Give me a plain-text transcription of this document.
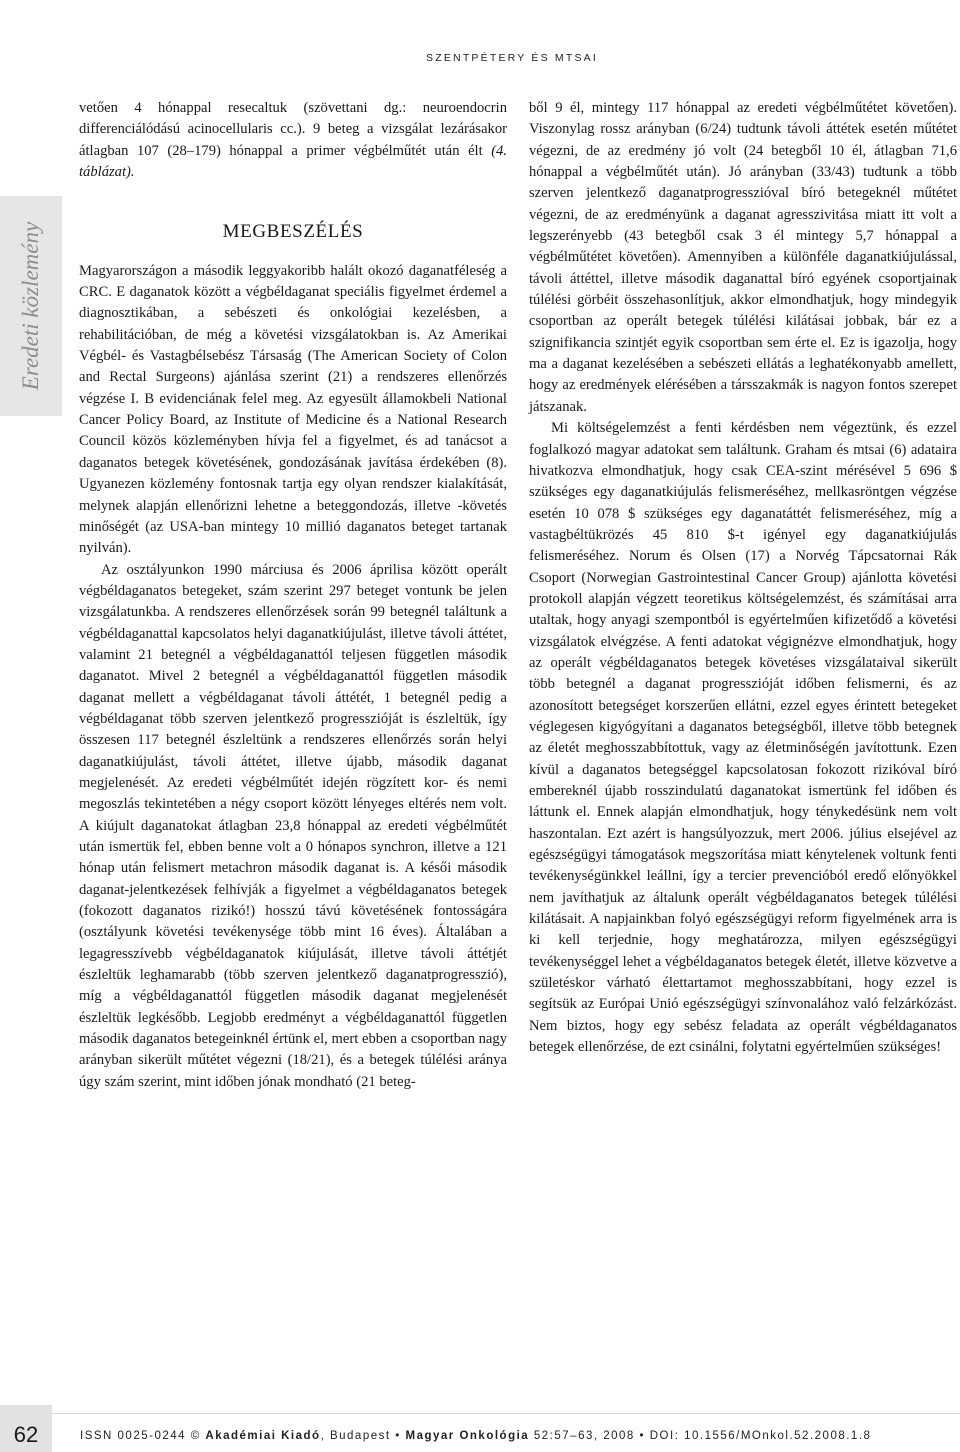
SZENTPÉTERY ÉS MTSAI
Eredeti közlemény

vetően 4 hónappal resecaltuk (szövettani dg.: neuroendocrin differenciálódású acinocellularis cc.). 9 beteg a vizsgálat lezárásakor átlagban 107 (28–179) hónappal a primer végbélműtét után élt (4. táblázat).

MEGBESZÉLÉS

Magyarországon a második leggyakoribb halált okozó daganatféleség a CRC. E daganatok között a végbéldaganat speciális figyelmet érdemel a diagnosztikában, a sebészeti és onkológiai kezelésben, a rehabilitációban, de még a követési vizsgálatokban is. Az Amerikai Végbél- és Vastagbélsebész Társaság (The American Society of Colon and Rectal Surgeons) ajánlása szerint (21) a rendszeres ellenőrzés végzése I. B evidenciának felel meg. Az egyesült államokbeli National Cancer Policy Board, az Institute of Medicine és a National Research Council közös közleményben hívja fel a figyelmet, és ad tanácsot a daganatos betegek követésének, gondozásának javítása érdekében (8). Ugyanezen közlemény fontosnak tartja egy olyan rendszer kialakítását, melynek alapján ellenőrizni lehetne a beteggondozás, illetve -követés minőségét (az USA-ban mintegy 10 millió daganatos beteget tartanak nyilván).

Az osztályunkon 1990 márciusa és 2006 áprilisa között operált végbéldaganatos betegeket, szám szerint 297 beteget vontunk be jelen vizsgálatunkba. A rendszeres ellenőrzések során 99 betegnél találtunk a végbéldaganattal kapcsolatos helyi daganatkiújulást, illetve távoli áttétet, valamint 21 betegnél a végbéldaganattól teljesen független második daganatot. Mivel 2 betegnél a végbéldaganattól független második daganat mellett a végbéldaganat távoli áttétét, 1 betegnél pedig a végbéldaganat több szerven jelentkező progresszióját is észleltük, így összesen 117 betegnél észleltünk a rendszeres ellenőrzés során helyi daganatkiújulást, távoli áttétet, illetve újabb, második daganat megjelenését. Az eredeti végbélműtét idején rögzített kor- és nemi megoszlás tekintetében a négy csoport között lényeges eltérés nem volt. A kiújult daganatokat átlagban 23,8 hónappal az eredeti végbélműtét után ismertük fel, ebben benne volt a 0 hónapos synchron, illetve a 121 hónap után felismert metachron második daganat is. A késői második daganat-jelentkezések felhívják a figyelmet a végbéldaganatos betegek (fokozott daganatos rizikó!) hosszú távú követésének fontosságára (osztályunk követési tevékenysége több mint 16 éves). Általában a legagresszívebb végbéldaganatok kiújulását, illetve távoli áttétjét észleltük leghamarabb (több szerven jelentkező daganatprogresszió), míg a végbéldaganattól független második daganat megjelenését észleltük legkésőbb. Legjobb eredményt a végbéldaganattól független második daganatos betegeinknél értünk el, mert ebben a csoportban nagy arányban sikerült műtétet végezni (18/21), és a betegek túlélési aránya úgy szám szerint, mint időben jónak mondható (21 beteg-

ből 9 él, mintegy 117 hónappal az eredeti végbélműtétet követően). Viszonylag rossz arányban (6/24) tudtunk távoli áttétek esetén műtétet végezni, de az eredmény jó volt (24 betegből 10 él, átlagban 71,6 hónappal a végbélműtét után). Jó arányban (33/43) tudtunk a több szerven jelentkező daganatprogresszióval bíró betegeknél műtétet végezni, de az eredményünk a daganat agresszivitása miatt itt volt a legszerényebb (43 betegből csak 3 él mintegy 5,7 hónappal a végbélműtétet követően). Amennyiben a különféle daganatkiújulással, távoli áttéttel, illetve második daganattal bíró egyének csoportjainak túlélési görbéit összehasonlítjuk, akkor elmondhatjuk, hogy mindegyik csoportban az operált betegek túlélési kilátásai jobbak, bár ez a szignifikancia szintjét egyik csoportban sem érte el. Ez is igazolja, hogy ma a daganat kezelésében a sebészeti ellátás a leghatékonyabb amellett, hogy az eredmények elérésében a társszakmák is nagyon fontos szerepet játszanak.

Mi költségelemzést a fenti kérdésben nem végeztünk, és ezzel foglalkozó magyar adatokat sem találtunk. Graham és mtsai (6) adataira hivatkozva elmondhatjuk, hogy csak CEA-szint mérésével 5 696 $ szükséges egy daganatkiújulás felismeréséhez, mellkasröntgen végzése esetén 10 078 $ szükséges egy daganatáttét felismeréséhez, míg a vastagbéltükrözés 45 810 $-t igényel egy daganatkiújulás felismeréséhez. Norum és Olsen (17) a Norvég Tápcsatornai Rák Csoport (Norwegian Gastrointestinal Cancer Group) ajánlotta követési protokoll alapján végzett teoretikus költségelemzést, és számításai arra utaltak, hogy anyagi szempontból is egyértelműen kifizetődő a követési vizsgálatok elvégzése. A fenti adatokat végignézve elmondhatjuk, hogy az operált végbéldaganatos betegek követéses vizsgálataival sikerült több betegnél a daganat progresszióját időben felismerni, és az azonosított betegséget korszerűen ellátni, ezzel egyes érintett betegeket véglegesen kigyógyítani a daganatos betegségből, illetve több betegnek az életét meghosszabbítottuk, vagy az életminőségén javítottunk. Ezen kívül a daganatos betegséggel kapcsolatosan fokozott rizikóval bíró embereknél újabb rosszindulatú daganatokat ismertünk fel időben és láttunk el. Ennek alapján elmondhatjuk, hogy ténykedésünk nem volt haszontalan. Ezt azért is hangsúlyozzuk, mert 2006. július elsejével az egészségügyi támogatások megszorítása miatt kénytelenek voltunk fenti tevékenységünkkel leállni, így a tercier prevencióból eredő előnyökkel nem javíthatjuk az általunk operált végbéldaganatos betegek túlélési kilátásait. A napjainkban folyó egészségügyi reform figyelmének arra is ki kell terjednie, hogy meghatározza, milyen egészségügyi tevékenységgel lehet a végbéldaganatos betegek életét, illetve közvetve a születéskor várható élettartamot meghosszabbítani, hogy ezzel is segítsük az Európai Unió egészségügyi színvonalához való felzárkózást. Nem biztos, hogy egy sebész feladata az operált végbéldaganatos betegek ellenőrzése, de ezt csinálni, folytatni egyértelműen szükséges!

62	ISSN 0025-0244 © Akadémiai Kiadó, Budapest • Magyar Onkológia 52:57–63, 2008 • DOI: 10.1556/MOnkol.52.2008.1.8
